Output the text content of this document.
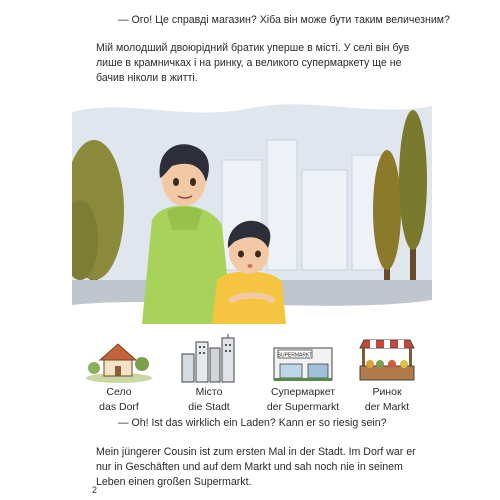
— Ого! Це справді магазин? Хіба він може бути таким величезним?

Мій молодший двоюрідний братик уперше в місті. У селі він був лише в крамничках і на ринку, а великого супермаркету ще не бачив ніколи в житті.

Село
das Dorf
Місто
die Stadt
SUPERMARKT
Супермаркет
der Supermarkt
Ринок
der Markt

— Oh! Ist das wirklich ein Laden? Kann er so riesig sein?

Mein jüngerer Cousin ist zum ersten Mal in der Stadt. Im Dorf war er nur in Geschäften und auf dem Markt und sah noch nie in seinem Leben einen großen Supermarkt.

2
